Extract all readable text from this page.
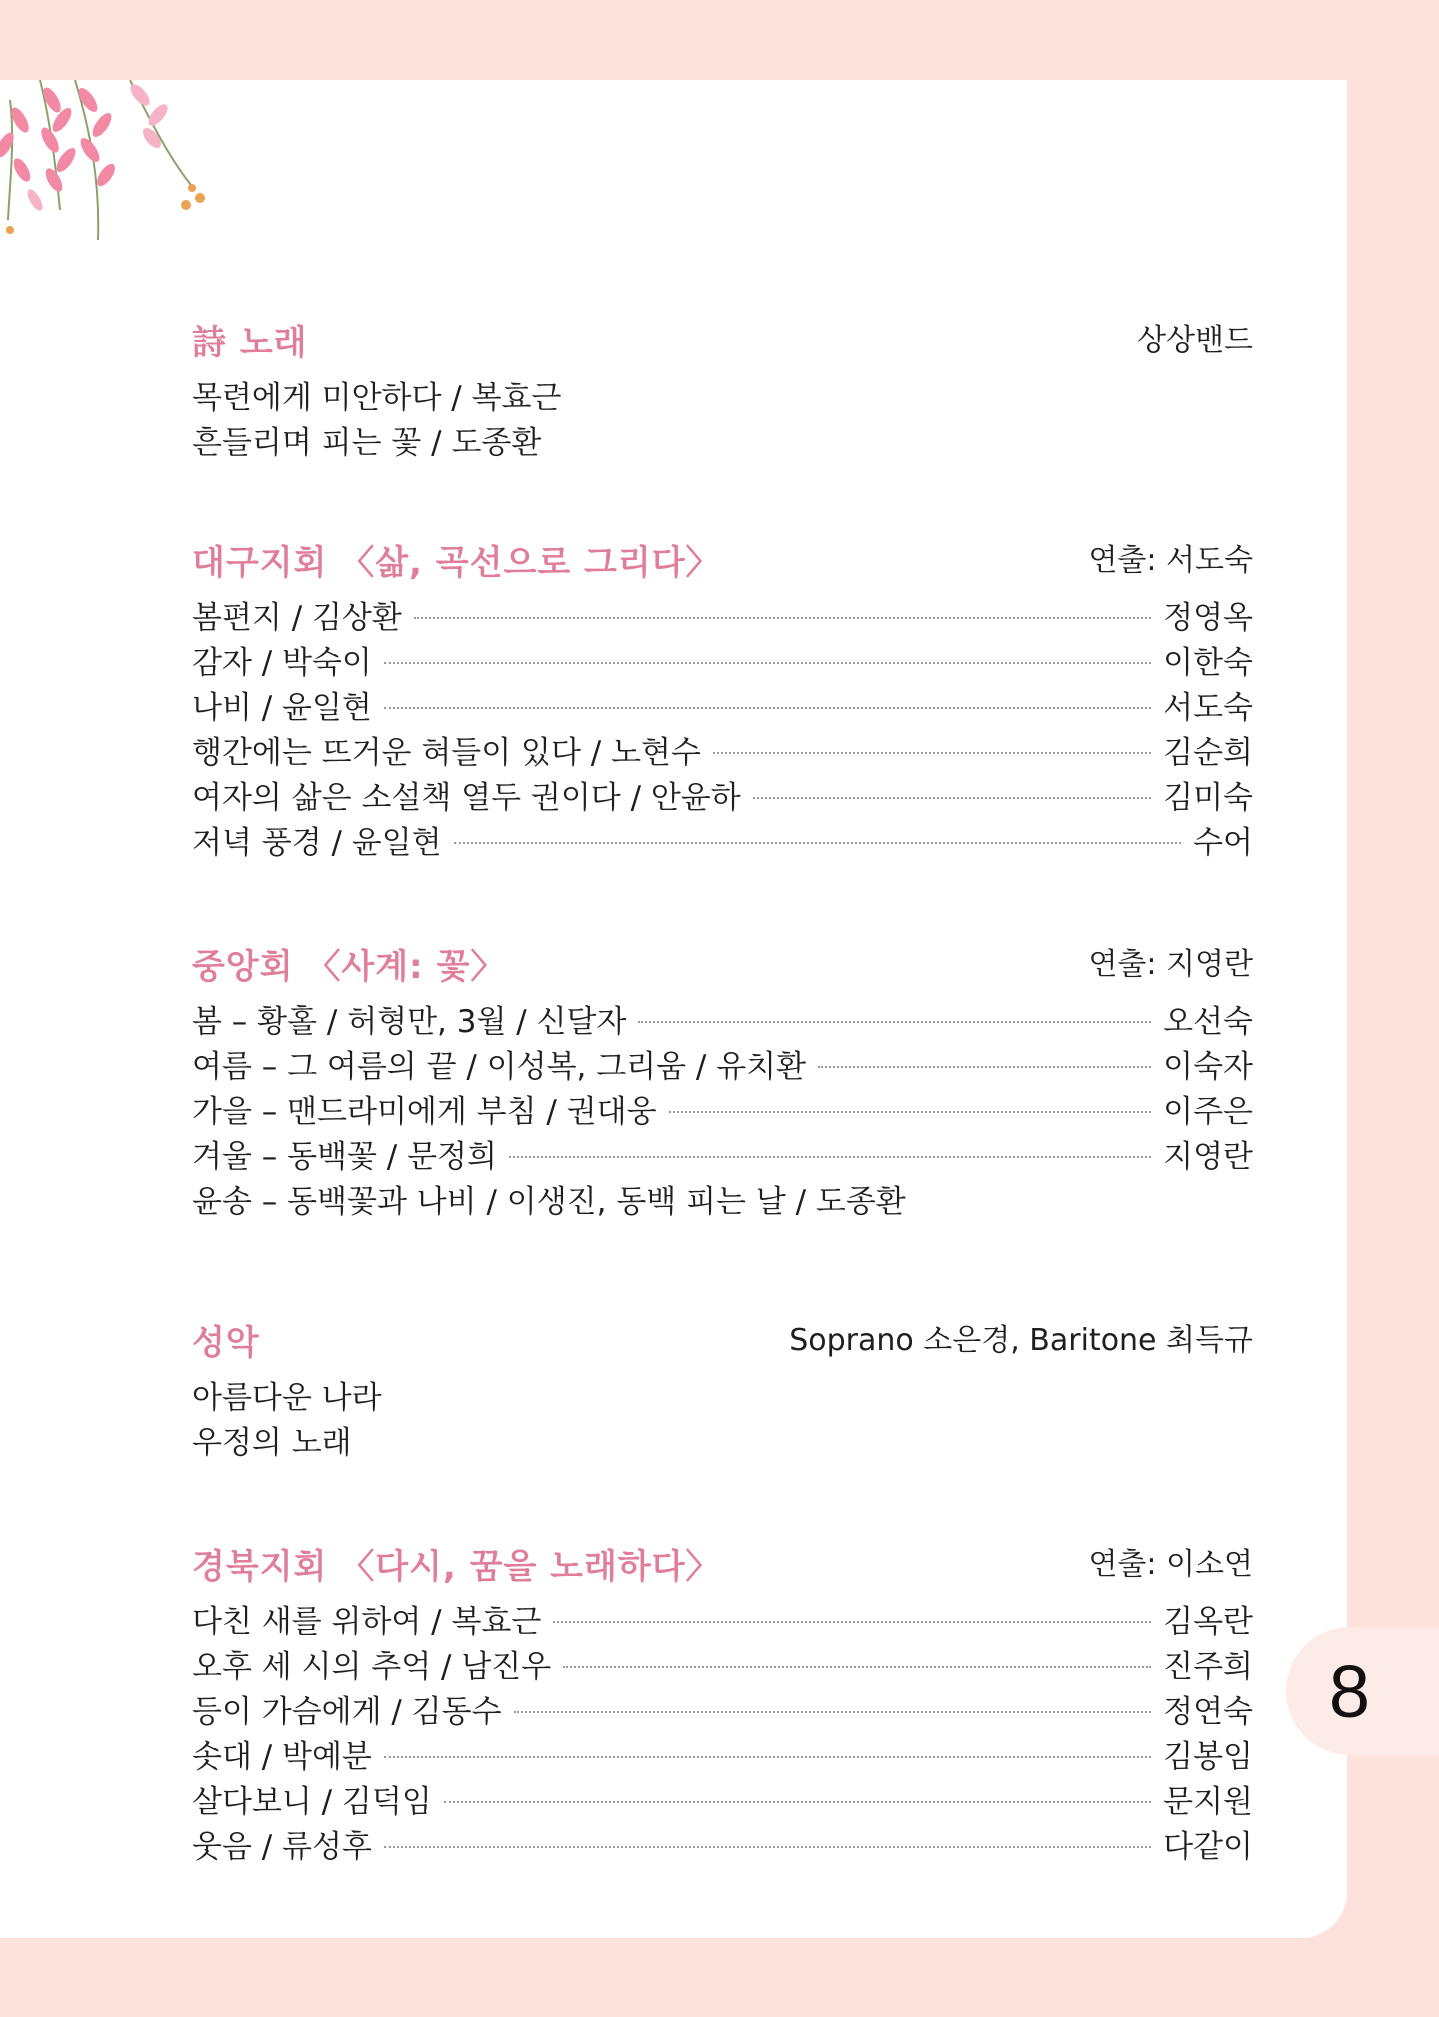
詩 노래	상상밴드
목련에게 미안하다 / 복효근
흔들리며 피는 꽃 / 도종환
대구지회 〈삶, 곡선으로 그리다〉	연출: 서도숙
봄편지 / 김상환	정영옥
감자 / 박숙이	이한숙
나비 / 윤일현	서도숙
행간에는 뜨거운 혀들이 있다 / 노현수	김순희
여자의 삶은 소설책 열두 권이다 / 안윤하	김미숙
저녁 풍경 / 윤일현	수어
중앙회 〈사계: 꽃〉	연출: 지영란
봄 – 황홀 / 허형만, 3월 / 신달자	오선숙
여름 – 그 여름의 끝 / 이성복, 그리움 / 유치환	이숙자
가을 – 맨드라미에게 부침 / 권대웅	이주은
겨울 – 동백꽃 / 문정희	지영란
윤송 – 동백꽃과 나비 / 이생진, 동백 피는 날 / 도종환
성악	Soprano 소은경, Baritone 최득규
아름다운 나라
우정의 노래
경북지회 〈다시, 꿈을 노래하다〉	연출: 이소연
다친 새를 위하여 / 복효근	김옥란
오후 세 시의 추억 / 남진우	진주희
등이 가슴에게 / 김동수	정연숙
솟대 / 박예분	김봉임
살다보니 / 김덕임	문지원
웃음 / 류성후	다같이
8
